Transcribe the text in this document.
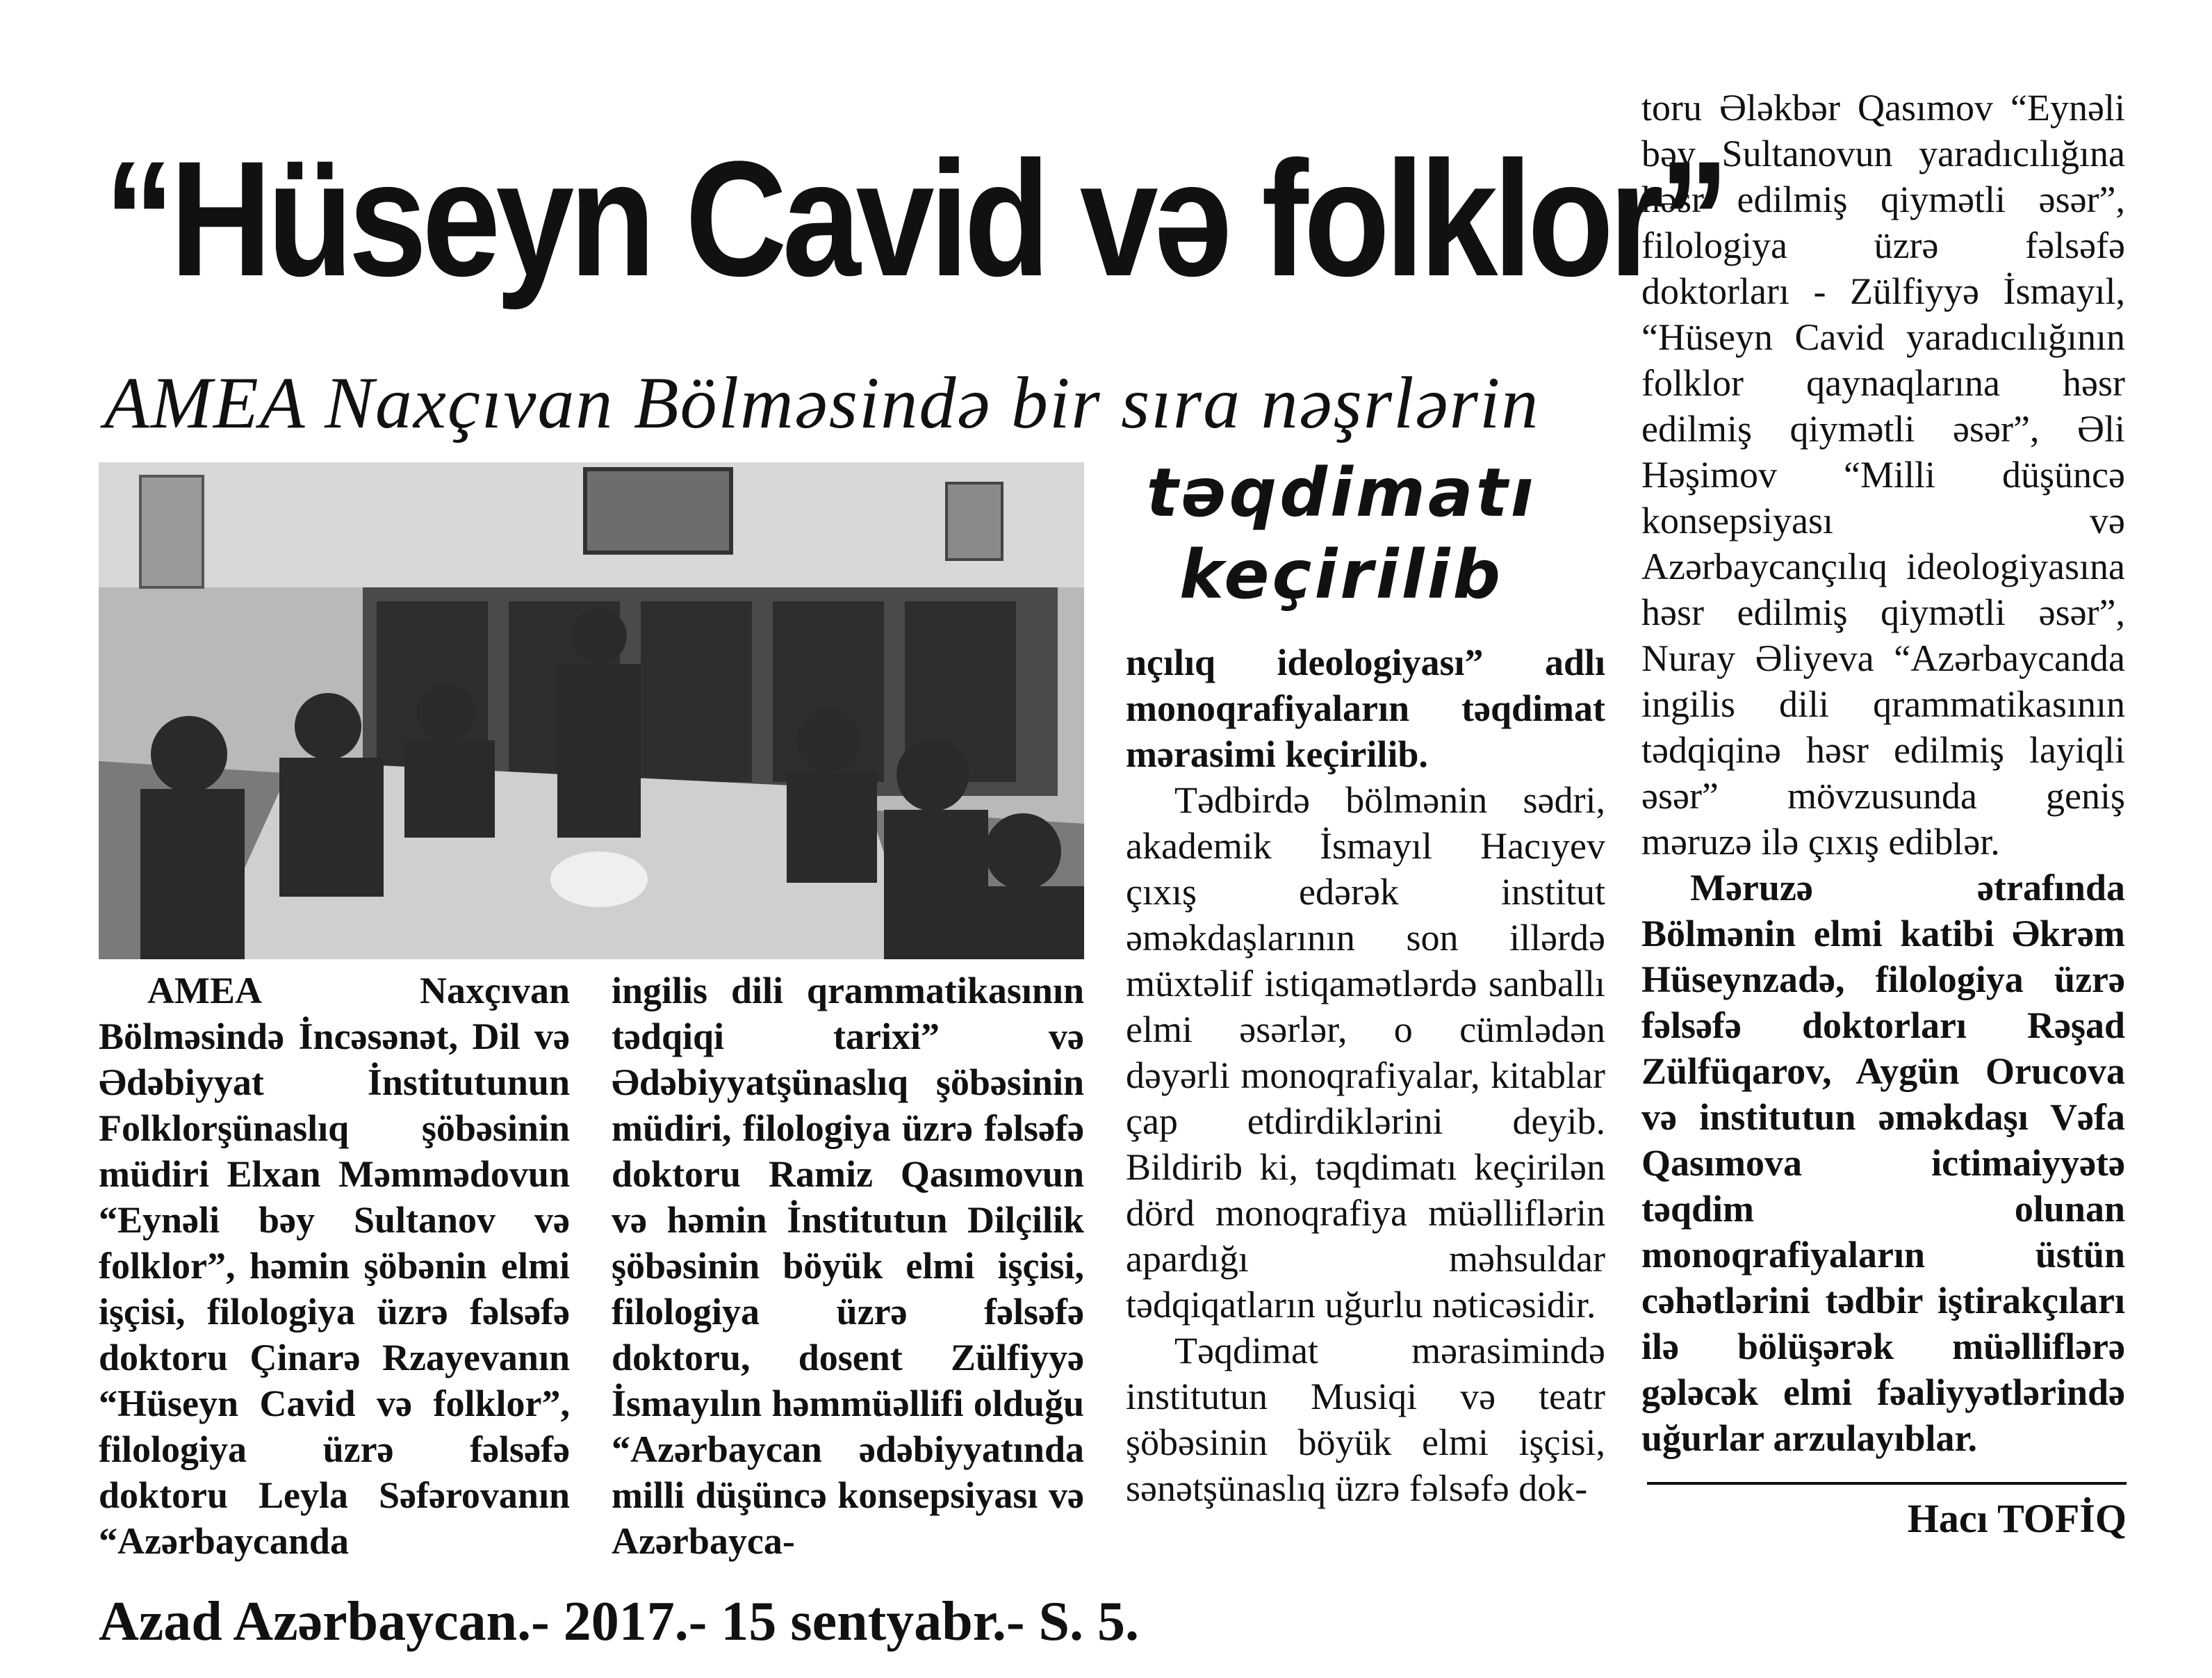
“Hüseyn Cavid və folklor”
AMEA Naxçıvan Bölməsində bir sıra nəşrlərin
təqdimatı
keçirilib

AMEA Naxçıvan Bölməsində İncəsənət, Dil və Ədəbiyyat İnstitutunun Folklorşünaslıq şöbəsinin müdiri Elxan Məmmədovun “Eynəli bəy Sultanov və folklor”, həmin şöbənin elmi işçisi, filologiya üzrə fəlsəfə doktoru Çinarə Rzayevanın “Hüseyn Cavid və folklor”, filologiya üzrə fəlsəfə doktoru Leyla Səfərovanın “Azərbaycanda

ingilis dili qrammatikasının tədqiqi tarixi” və Ədəbiyyatşünaslıq şöbəsinin müdiri, filologiya üzrə fəlsəfə doktoru Ramiz Qasımovun və həmin İnstitutun Dilçilik şöbəsinin böyük elmi işçisi, filologiya üzrə fəlsəfə doktoru, dosent Zülfiyyə İsmayılın həmmüəllifi olduğu “Azərbaycan ədəbiyyatında milli düşüncə konsepsiyası və Azərbayca-

nçılıq ideologiyası” adlı monoqrafiyaların təqdimat mərasimi keçirilib.

Tədbirdə bölmənin sədri, akademik İsmayıl Hacıyev çıxış edərək institut əməkdaşlarının son illərdə müxtəlif istiqamətlərdə sanballı elmi əsərlər, o cümlədən dəyərli monoqrafiyalar, kitablar çap etdirdiklərini deyib. Bildirib ki, təqdimatı keçirilən dörd monoqrafiya müəlliflərin apardığı məhsuldar tədqiqatların uğurlu nəticəsidir.

Təqdimat mərasimində institutun Musiqi və teatr şöbəsinin böyük elmi işçisi, sənətşünaslıq üzrə fəlsəfə dok-

toru Ələkbər Qasımov “Eynəli bəy Sultanovun yaradıcılığına həsr edilmiş qiymətli əsər”, filologiya üzrə fəlsəfə doktorları - Zülfiyyə İsmayıl, “Hüseyn Cavid yaradıcılığının folklor qaynaqlarına həsr edilmiş qiymətli əsər”, Əli Həşimov “Milli düşüncə konsepsiyası və Azərbaycançılıq ideologiyasına həsr edilmiş qiymətli əsər”, Nuray Əliyeva “Azərbaycanda ingilis dili qrammatikasının tədqiqinə həsr edilmiş layiqli əsər” mövzusunda geniş məruzə ilə çıxış ediblər.

Məruzə ətrafında Bölmənin elmi katibi Əkrəm Hüseynzadə, filologiya üzrə fəlsəfə doktorları Rəşad Zülfüqarov, Aygün Orucova və institutun əməkdaşı Vəfa Qasımova ictimaiyyətə təqdim olunan monoqrafiyaların üstün cəhətlərini tədbir iştirakçıları ilə bölüşərək müəlliflərə gələcək elmi fəaliyyətlərində uğurlar arzulayıblar.

Hacı TOFİQ
Azad Azərbaycan.- 2017.- 15 sentyabr.- S. 5.
